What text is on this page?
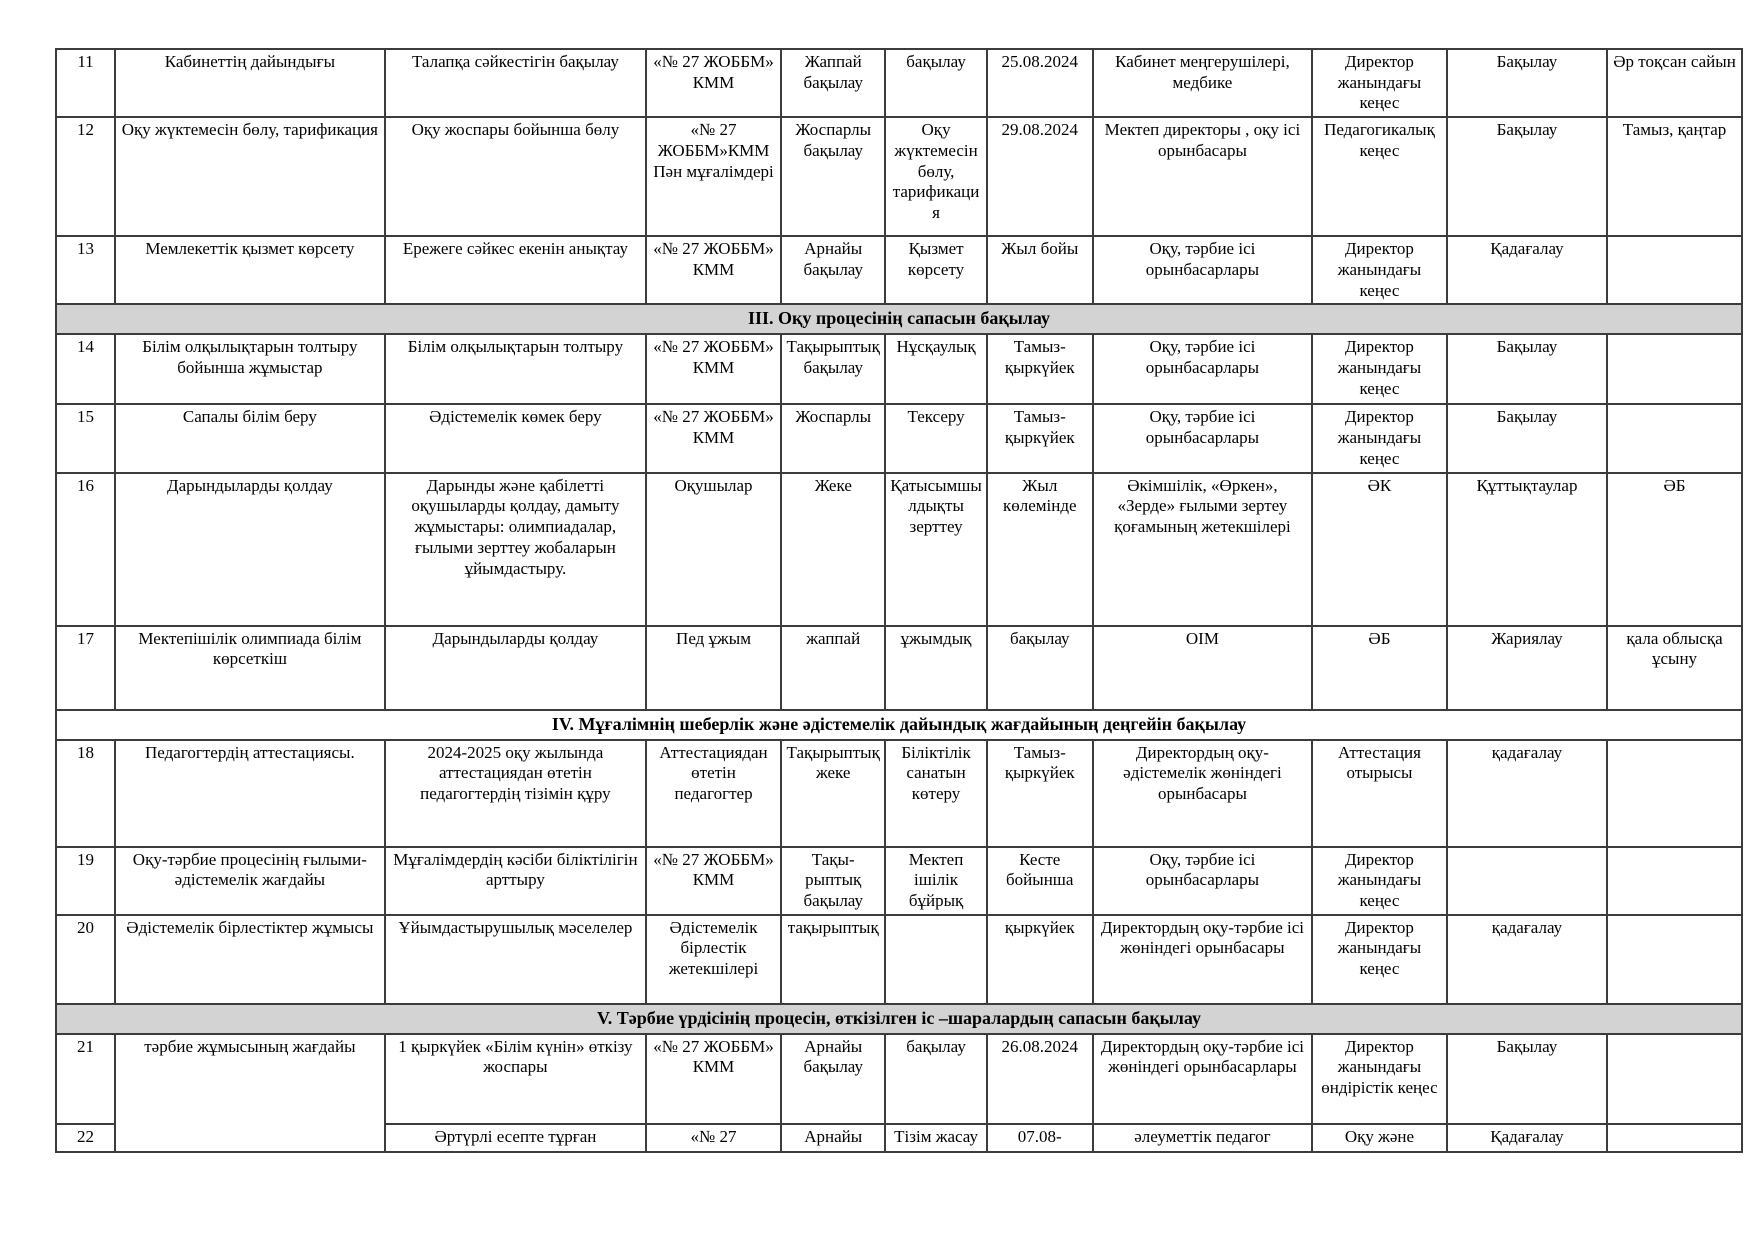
11	Кабинеттің дайындығы	Талапқа сәйкестігін бақылау	«№ 27 ЖОББМ» КММ	Жаппай бақылау	бақылау	25.08.2024	Кабинет меңгерушілері, медбике	Директор жанындағы кеңес	Бақылау	Әр тоқсан сайын
12	Оқу жүктемесін бөлу, тарификация	Оқу жоспары бойынша бөлу	«№ 27 ЖОББМ»КММ Пән мұғалімдері	Жоспарлы бақылау	Оқу жүктемесін бөлу, тарификация	29.08.2024	Мектеп директоры , оқу ісі орынбасары	Педагогикалық кеңес	Бақылау	Тамыз, қаңтар
13	Мемлекеттік қызмет көрсету	Ережеге сәйкес екенін анықтау	«№ 27 ЖОББМ» КММ	Арнайы бақылау	Қызмет көрсету	Жыл бойы	Оқу, тәрбие ісі орынбасарлары	Директор жанындағы кеңес	Қадағалау	
III. Оқу процесінің сапасын бақылау										
14	Білім олқылықтарын толтыру бойынша жұмыстар	Білім олқылықтарын толтыру	«№ 27 ЖОББМ» КММ	Тақырыптық бақылау	Нұсқаулық	Тамыз-қыркүйек	Оқу, тәрбие ісі орынбасарлары	Директор жанындағы кеңес	Бақылау	
15	Сапалы білім беру	Әдістемелік көмек беру	«№ 27 ЖОББМ» КММ	Жоспарлы	Тексеру	Тамыз-қыркүйек	Оқу, тәрбие ісі орынбасарлары	Директор жанындағы кеңес	Бақылау	
16	Дарындыларды қолдау	Дарынды және қабілетті оқушыларды қолдау, дамыту жұмыстары: олимпиадалар, ғылыми зерттеу жобаларын ұйымдастыру.	Оқушылар	Жеке	Қатысымшылдықты зерттеу	Жыл көлемінде	Әкімшілік, «Өркен», «Зерде» ғылыми зертеу қоғамының жетекшілері	ӘК	Құттықтаулар	ӘБ
17	Мектепішілік олимпиада білім көрсеткіш	Дарындыларды қолдау	Пед ұжым	жаппай	ұжымдық	бақылау	ОІМ	ӘБ	Жариялау	қала облысқа ұсыну
IV. Мұғалімнің шеберлік және әдістемелік дайындық жағдайының деңгейін бақылау										
18	Педагогтердің аттестациясы.	2024-2025 оқу жылында аттестациядан өтетін педагогтердің тізімін құру	Аттестациядан өтетін педагогтер	Тақырыптық жеке	Біліктілік санатын көтеру	Тамыз-қыркүйек	Директордың оқу-әдістемелік жөніндегі орынбасары	Аттестация отырысы	қадағалау	
19	Оқу-тәрбие процесінің ғылыми-әдістемелік жағдайы	Мұғалімдердің кәсіби біліктілігін арттыру	«№ 27 ЖОББМ» КММ	Тақы-рыптық бақылау	Мектеп ішілік бұйрық	Кесте бойынша	Оқу, тәрбие ісі орынбасарлары	Директор жанындағы кеңес		
20	Әдістемелік бірлестіктер жұмысы	Ұйымдастырушылық мәселелер	Әдістемелік бірлестік жетекшілері	тақырыптық		қыркүйек	Директордың оқу-тәрбие ісі жөніндегі орынбасары	Директор жанындағы кеңес	қадағалау	
V. Тәрбие үрдісінің процесін, өткізілген іс –шаралардың сапасын бақылау										
21	тәрбие жұмысының жағдайы	1 қыркүйек «Білім күнін» өткізу жоспары	«№ 27 ЖОББМ» КММ	Арнайы бақылау	бақылау	26.08.2024	Директордың оқу-тәрбие ісі жөніндегі орынбасарлары	Директор жанындағы өндірістік кеңес	Бақылау	
22		Әртүрлі есепте тұрған	«№ 27	Арнайы	Тізім жасау	07.08-	әлеуметтік педагог	Оқу және	Қадағалау	
